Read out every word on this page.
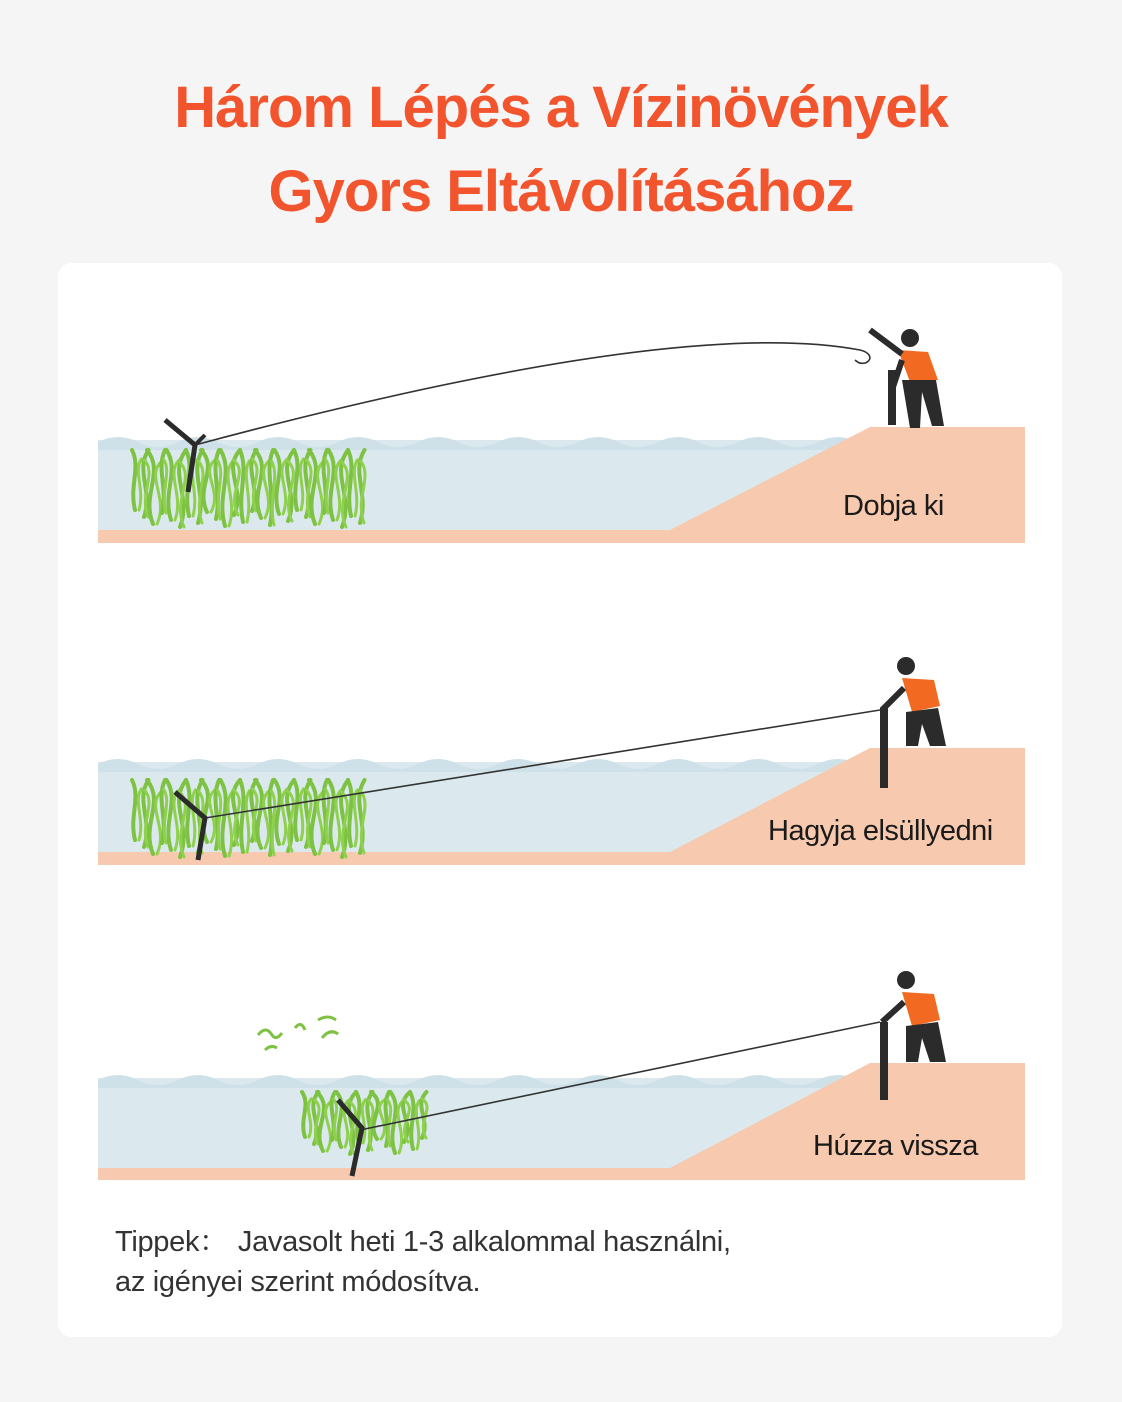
Három Lépés a Vízinövények
Gyors Eltávolításához
Dobja ki
Hagyja elsüllyedni
Húzza vissza
Tippek： Javasolt heti 1-3 alkalommal használni,
az igényei szerint módosítva.
